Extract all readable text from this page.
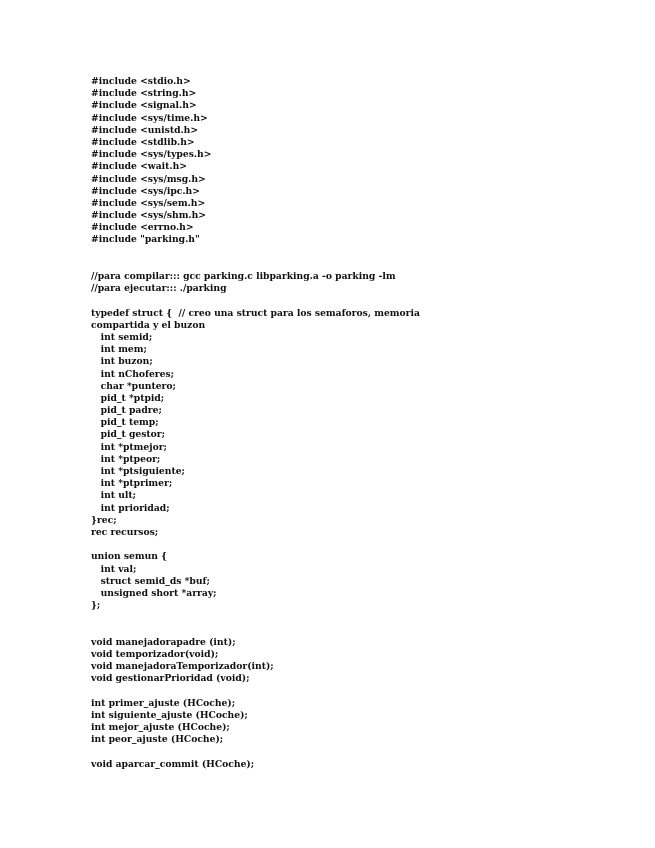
#include <stdio.h>
#include <string.h>
#include <signal.h>
#include <sys/time.h>
#include <unistd.h>
#include <stdlib.h>
#include <sys/types.h>
#include <wait.h>
#include <sys/msg.h>
#include <sys/ipc.h>
#include <sys/sem.h>
#include <sys/shm.h>
#include <errno.h>
#include "parking.h"
//para compilar::: gcc parking.c libparking.a -o parking -lm
//para ejecutar::: ./parking
typedef struct {  // creo una struct para los semaforos, memoria
compartida y el buzon
int semid;
int mem;
int buzon;
int nChoferes;
char *puntero;
pid_t *ptpid;
pid_t padre;
pid_t temp;
pid_t gestor;
int *ptmejor;
int *ptpeor;
int *ptsiguiente;
int *ptprimer;
int ult;
int prioridad;
}rec;
rec recursos;
union semun {
int val;
struct semid_ds *buf;
unsigned short *array;
};
void manejadorapadre (int);
void temporizador(void);
void manejadoraTemporizador(int);
void gestionarPrioridad (void);
int primer_ajuste (HCoche);
int siguiente_ajuste (HCoche);
int mejor_ajuste (HCoche);
int peor_ajuste (HCoche);
void aparcar_commit (HCoche);
